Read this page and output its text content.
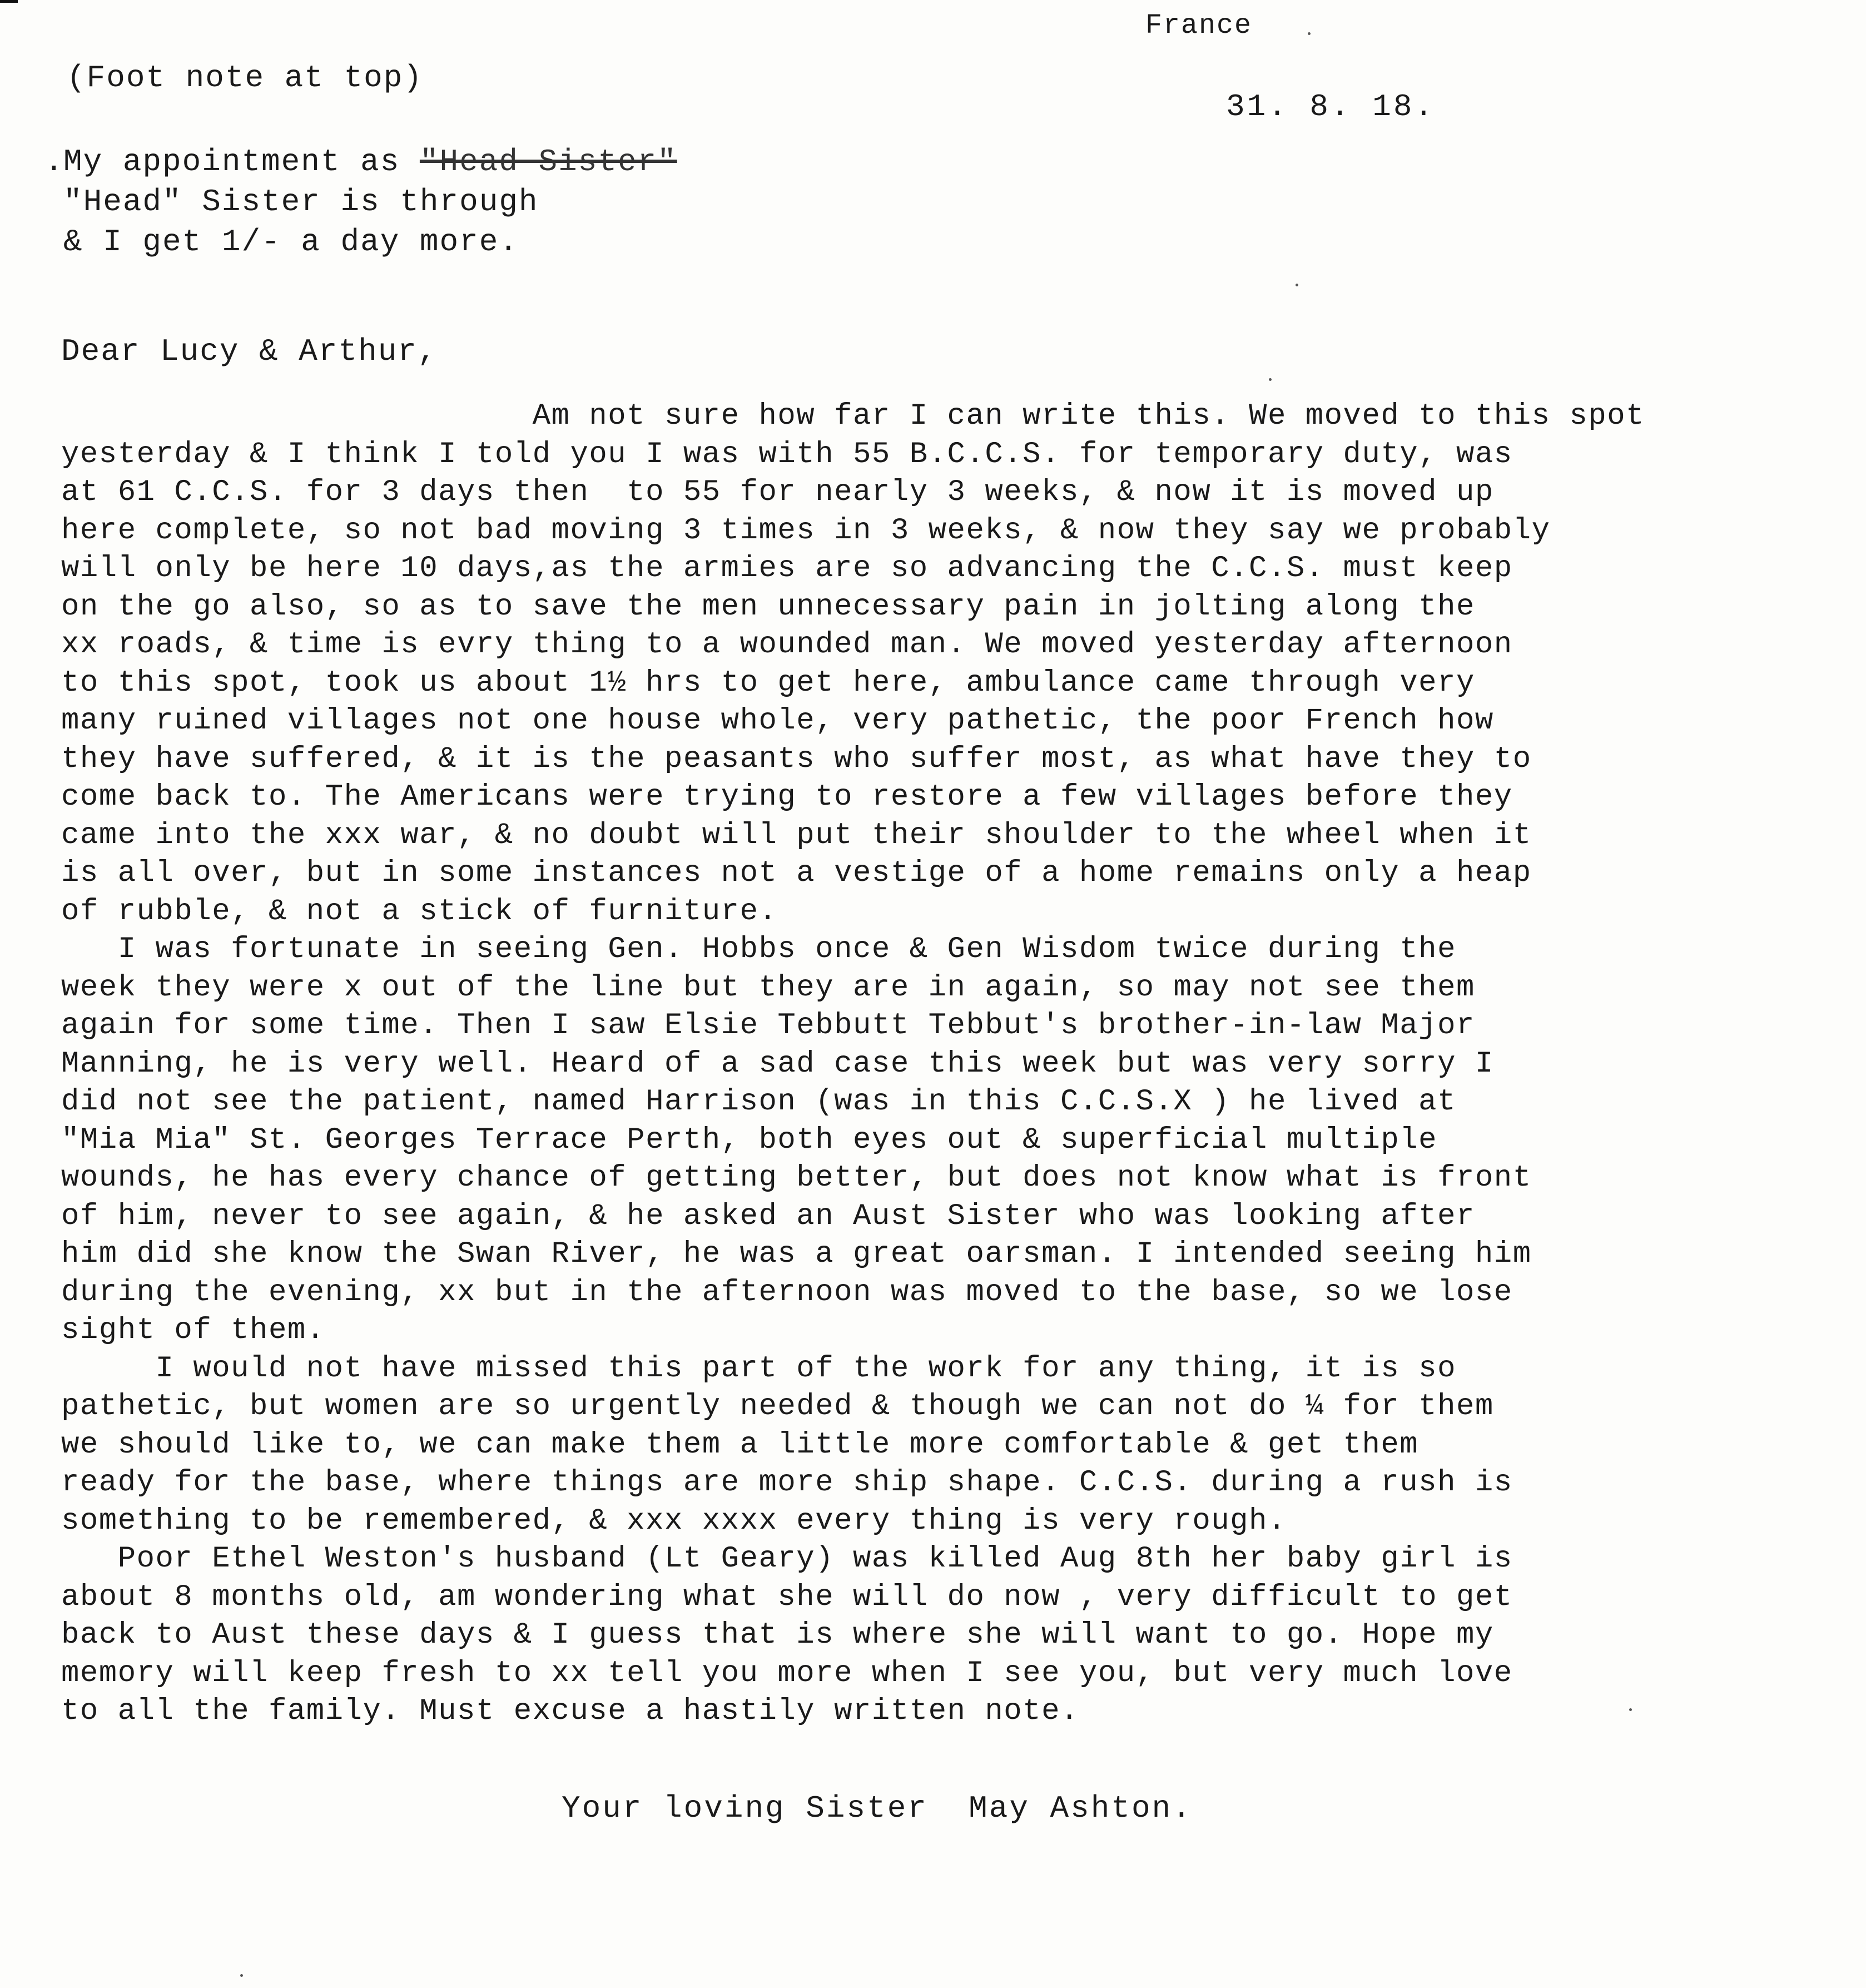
France
(Foot note at top)
31. 8. 18.
.My appointment as "Head Sister"
"Head" Sister is through
& I get 1/- a day more.
Dear Lucy & Arthur,
Am not sure how far I can write this. We moved to this spot
yesterday & I think I told you I was with 55 B.C.C.S. for temporary duty, was
at 61 C.C.S. for 3 days then  to 55 for nearly 3 weeks, & now it is moved up
here complete, so not bad moving 3 times in 3 weeks, & now they say we probably
will only be here 10 days,as the armies are so advancing the C.C.S. must keep
on the go also, so as to save the men unnecessary pain in jolting along the
xx roads, & time is evry thing to a wounded man. We moved yesterday afternoon
to this spot, took us about 1½ hrs to get here, ambulance came through very
many ruined villages not one house whole, very pathetic, the poor French how
they have suffered, & it is the peasants who suffer most, as what have they to
come back to. The Americans were trying to restore a few villages before they
came into the xxx war, & no doubt will put their shoulder to the wheel when it
is all over, but in some instances not a vestige of a home remains only a heap
of rubble, & not a stick of furniture.
I was fortunate in seeing Gen. Hobbs once & Gen Wisdom twice during the
week they were x out of the line but they are in again, so may not see them
again for some time. Then I saw Elsie Tebbutt Tebbut's brother-in-law Major
Manning, he is very well. Heard of a sad case this week but was very sorry I
did not see the patient, named Harrison (was in this C.C.S.X ) he lived at
"Mia Mia" St. Georges Terrace Perth, both eyes out & superficial multiple
wounds, he has every chance of getting better, but does not know what is front
of him, never to see again, & he asked an Aust Sister who was looking after
him did she know the Swan River, he was a great oarsman. I intended seeing him
during the evening, xx but in the afternoon was moved to the base, so we lose
sight of them.
I would not have missed this part of the work for any thing, it is so
pathetic, but women are so urgently needed & though we can not do ¼ for them
we should like to, we can make them a little more comfortable & get them
ready for the base, where things are more ship shape. C.C.S. during a rush is
something to be remembered, & xxx xxxx every thing is very rough.
Poor Ethel Weston's husband (Lt Geary) was killed Aug 8th her baby girl is
about 8 months old, am wondering what she will do now , very difficult to get
back to Aust these days & I guess that is where she will want to go. Hope my
memory will keep fresh to xx tell you more when I see you, but very much love
to all the family. Must excuse a hastily written note.
Your loving Sister  May Ashton.
